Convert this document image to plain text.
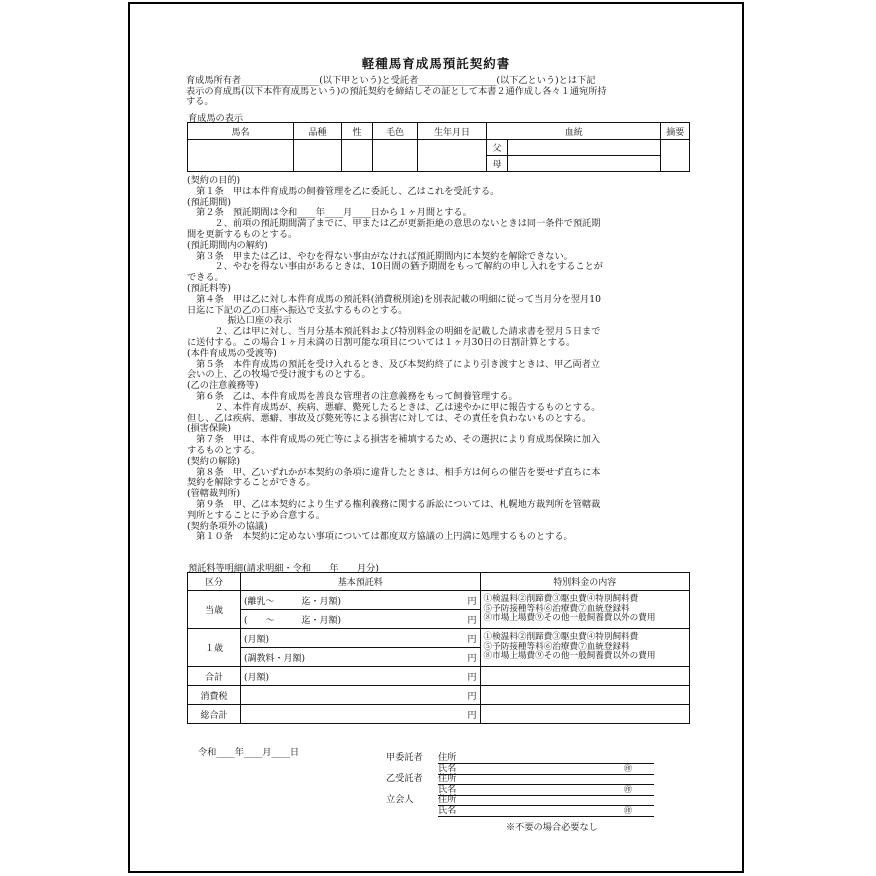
軽種馬育成馬預託契約書

育成馬所有者_________________(以下甲という)と受託者_________________(以下乙という)とは下記

表示の育成馬(以下本件育成馬という)の預託契約を締結しその証として本書２通作成し各々１通宛所持

する。

育成馬の表示
馬名	品種	性	毛色	生年月日	血統		摘要
					父		
					母		

(契約の目的)

　第１条　甲は本件育成馬の飼養管理を乙に委託し、乙はこれを受託する。

(預託期間)

　第２条　預託期間は令和____年____月____日から１ヶ月間とする。

　　　２、前項の預託期間満了までに、甲または乙が更新拒絶の意思のないときは同一条件で預託期

間を更新するものとする。

(預託期間内の解約)

　第３条　甲または乙は、やむを得ない事由がなければ預託期間内に本契約を解除できない。

　　　２、やむを得ない事由があるときは、10日間の猶予期間をもって解約の申し入れをすることが

できる。

(預託料等)

　第４条　甲は乙に対し本件育成馬の預託料(消費税別途)を別表記載の明細に従って当月分を翌月10

日迄に下記の乙の口座へ振込で支払するものとする。

　　振込口座の表示

　　　２、乙は甲に対し、当月分基本預託料および特別料金の明細を記載した請求書を翌月５日まで

に送付する。この場合１ヶ月未満の日割可能な項目については１ヶ月30日の日割計算とする。

(本件育成馬の受渡等)

　第５条　本件育成馬の預託を受け入れるとき、及び本契約終了により引き渡すときは、甲乙両者立

会いの上、乙の牧場で受け渡すものとする。

(乙の注意義務等)

　第６条　乙は、本件育成馬を善良な管理者の注意義務をもって飼養管理する。

　　　２、本件育成馬が、疾病、悪癖、斃死したるときは、乙は速やかに甲に報告するものとする。

但し、乙は疾病、悪癖、事故及び斃死等による損害に対しては、その責任を負わないものとする。

(損害保険)

　第７条　甲は、本件育成馬の死亡等による損害を補填するため、その選択により育成馬保険に加入

するものとする。

(契約の解除)

　第８条　甲、乙いずれかが本契約の条項に違背したときは、相手方は何らの催告を要せず直ちに本

契約を解除することができる。

(管轄裁判所)

　第９条　甲、乙は本契約により生ずる権利義務に関する訴訟については、札幌地方裁判所を管轄裁

判所とすることに予め合意する。

(契約条項外の協議)

　第１０条　本契約に定めない事項については都度双方協議の上円満に処理するものとする。

預託料等明細(請求明細・令和　　年　　月分)
区分	基本預託料		特別料金の内容
当歳	(離乳～　　　迄・月額)	円	①検温料②削蹄費③駆虫費④特別飼料費
⑤予防接種等料⑥治療費⑦血統登録料
⑧市場上場費⑨その他一般飼養費以外の費用

	(　　～　　　迄・月額)	円	
１歳	(月額)	円	①検温料②削蹄費③駆虫費④特別飼料費
⑤予防接種等料⑥治療費⑦血統登録料
⑧市場上場費⑨その他一般飼養費以外の費用

	(調教料・月額)	円	
合計	(月額)	円	
消費税		円	
総合計		円	
令和____年____月____日	甲委託者	住所
氏名	㊞
乙受託者	住所
氏名	㊞
立会人	住所
氏名	㊞
※不要の場合必要なし
